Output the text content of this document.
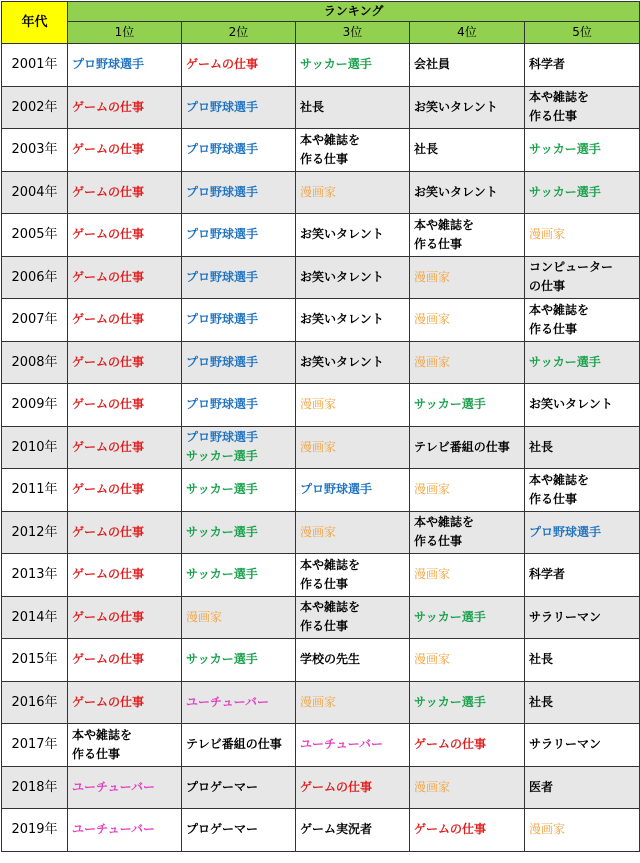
年代	ランキング				
	1位	2位	3位	4位	5位
2001年	プロ野球選手	ゲームの仕事	サッカー選手	会社員	科学者

2002年	ゲームの仕事	プロ野球選手	社長	お笑いタレント	本や雑誌を
作る仕事

2003年	ゲームの仕事	プロ野球選手	本や雑誌を
作る仕事	社長	サッカー選手

2004年	ゲームの仕事	プロ野球選手	漫画家	お笑いタレント	サッカー選手

2005年	ゲームの仕事	プロ野球選手	お笑いタレント	本や雑誌を
作る仕事	漫画家

2006年	ゲームの仕事	プロ野球選手	お笑いタレント	漫画家	コンピューター
の仕事

2007年	ゲームの仕事	プロ野球選手	お笑いタレント	漫画家	本や雑誌を
作る仕事

2008年	ゲームの仕事	プロ野球選手	お笑いタレント	漫画家	サッカー選手

2009年	ゲームの仕事	プロ野球選手	漫画家	サッカー選手	お笑いタレント

2010年	ゲームの仕事	プロ野球選手
サッカー選手	漫画家	テレビ番組の仕事	社長

2011年	ゲームの仕事	サッカー選手	プロ野球選手	漫画家	本や雑誌を
作る仕事

2012年	ゲームの仕事	サッカー選手	漫画家	本や雑誌を
作る仕事	プロ野球選手

2013年	ゲームの仕事	サッカー選手	本や雑誌を
作る仕事	漫画家	科学者

2014年	ゲームの仕事	漫画家	本や雑誌を
作る仕事	サッカー選手	サラリーマン

2015年	ゲームの仕事	サッカー選手	学校の先生	漫画家	社長

2016年	ゲームの仕事	ユーチューバー	漫画家	サッカー選手	社長

2017年	本や雑誌を
作る仕事	テレビ番組の仕事	ユーチューバー	ゲームの仕事	サラリーマン

2018年	ユーチューバー	プロゲーマー	ゲームの仕事	漫画家	医者

2019年	ユーチューバー	プロゲーマー	ゲーム実況者	ゲームの仕事	漫画家
